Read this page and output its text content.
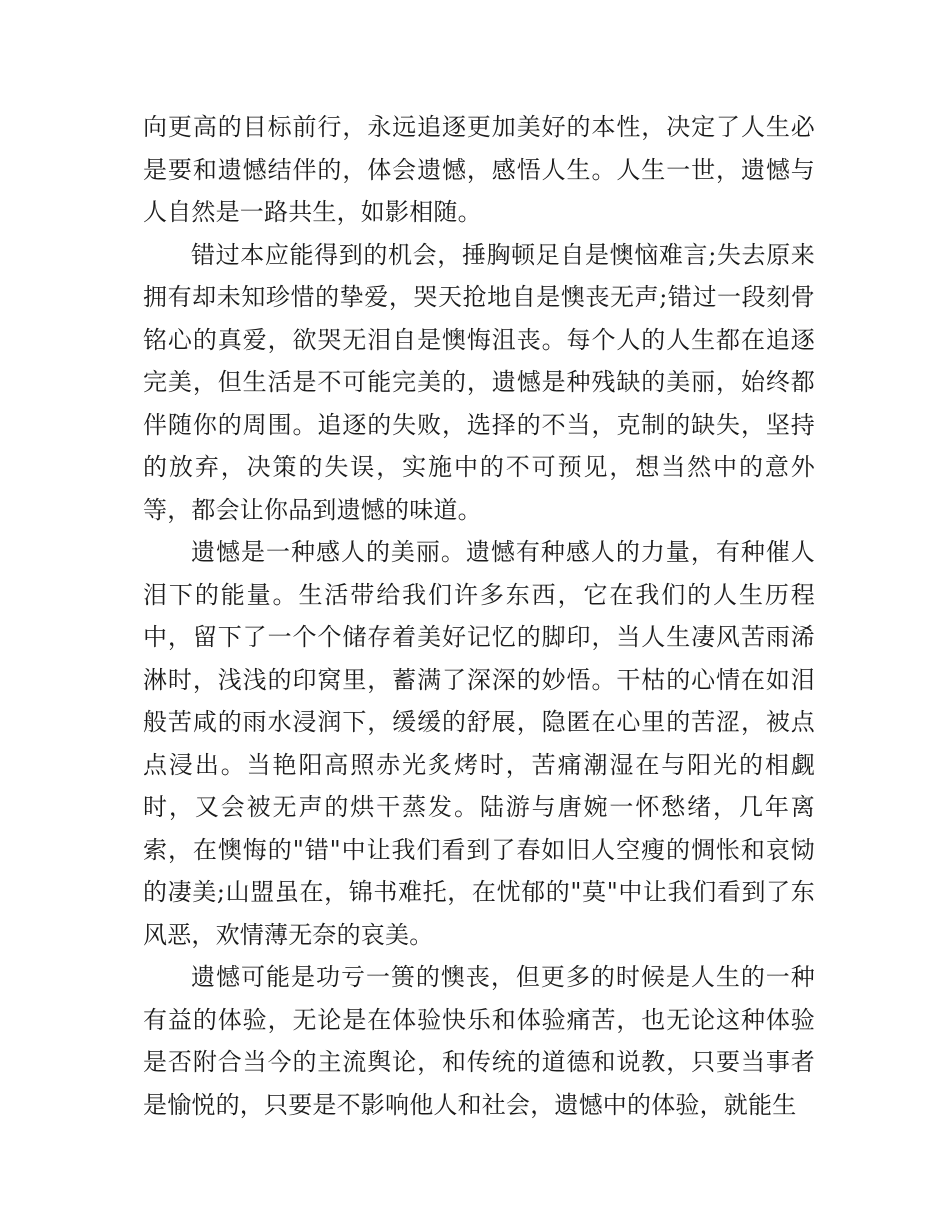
向更高的目标前行，永远追逐更加美好的本性，决定了人生必是要和遗憾结伴的，体会遗憾，感悟人生。人生一世，遗憾与人自然是一路共生，如影相随。

错过本应能得到的机会，捶胸顿足自是懊恼难言;失去原来拥有却未知珍惜的挚爱，哭天抢地自是懊丧无声;错过一段刻骨铭心的真爱，欲哭无泪自是懊悔沮丧。每个人的人生都在追逐完美，但生活是不可能完美的，遗憾是种残缺的美丽，始终都伴随你的周围。追逐的失败，选择的不当，克制的缺失，坚持的放弃，决策的失误，实施中的不可预见，想当然中的意外等，都会让你品到遗憾的味道。

遗憾是一种感人的美丽。遗憾有种感人的力量，有种催人泪下的能量。生活带给我们许多东西，它在我们的人生历程中，留下了一个个储存着美好记忆的脚印，当人生凄风苦雨浠淋时，浅浅的印窝里，蓄满了深深的妙悟。干枯的心情在如泪般苦咸的雨水浸润下，缓缓的舒展，隐匿在心里的苦涩，被点点浸出。当艳阳高照赤光炙烤时，苦痛潮湿在与阳光的相觑时，又会被无声的烘干蒸发。陆游与唐婉一怀愁绪，几年离索，在懊悔的"错"中让我们看到了春如旧人空瘦的惆怅和哀恸的凄美;山盟虽在，锦书难托，在忧郁的"莫"中让我们看到了东风恶，欢情薄无奈的哀美。

遗憾可能是功亏一篑的懊丧，但更多的时候是人生的一种有益的体验，无论是在体验快乐和体验痛苦，也无论这种体验是否附合当今的主流舆论，和传统的道德和说教，只要当事者是愉悦的，只要是不影响他人和社会，遗憾中的体验，就能生
